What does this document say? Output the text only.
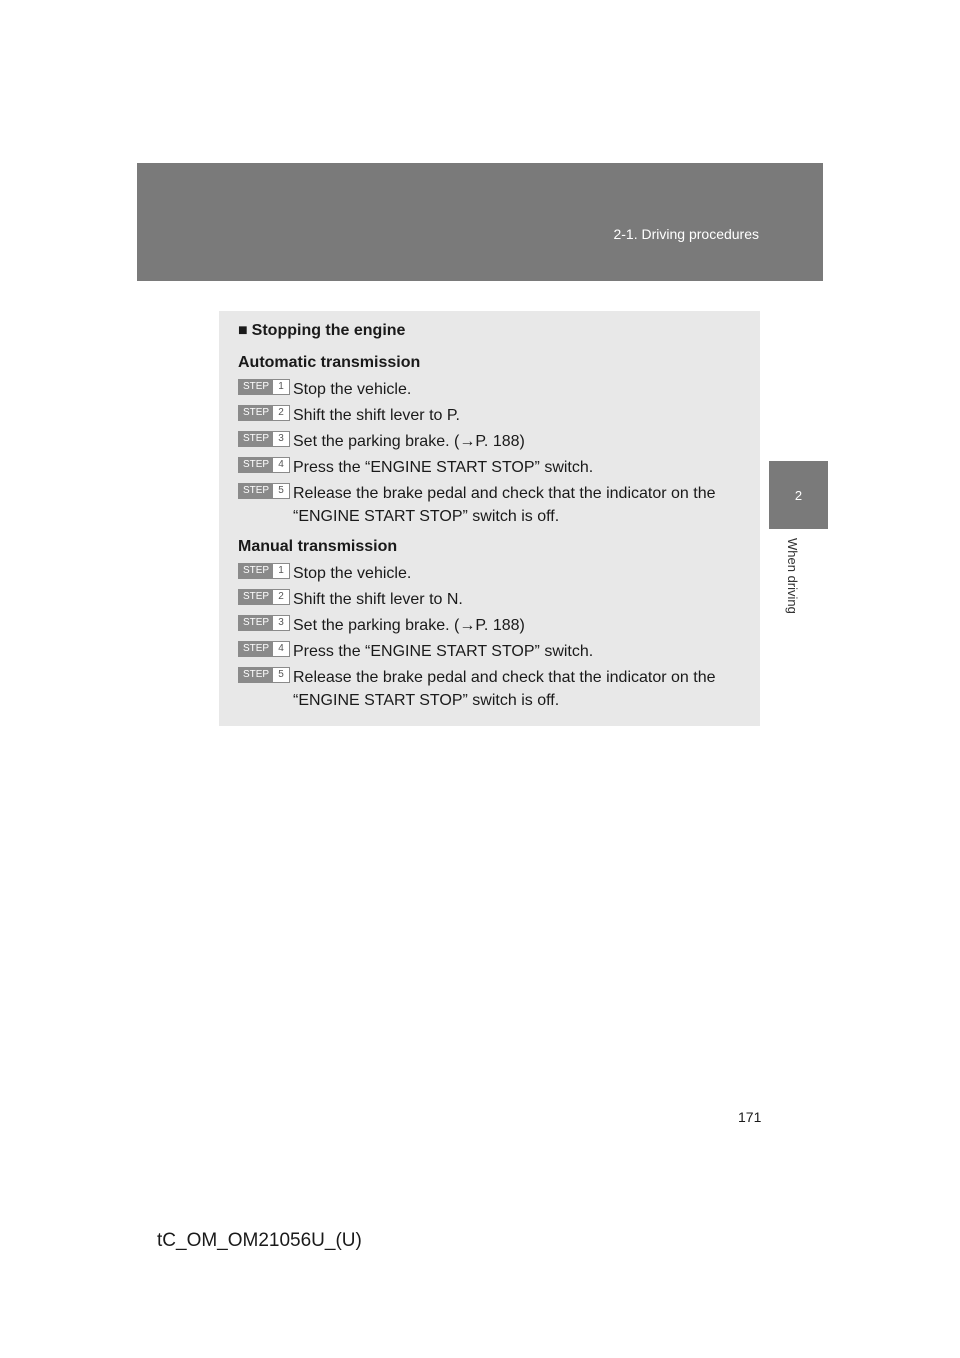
2-1. Driving procedures
2
When driving
■ Stopping the engine
Automatic transmission
STEP 1 Stop the vehicle.
STEP 2 Shift the shift lever to P.
STEP 3 Set the parking brake. (→P. 188)
STEP 4 Press the “ENGINE START STOP” switch.
STEP 5 Release the brake pedal and check that the indicator on the “ENGINE START STOP” switch is off.
Manual transmission
STEP 1 Stop the vehicle.
STEP 2 Shift the shift lever to N.
STEP 3 Set the parking brake. (→P. 188)
STEP 4 Press the “ENGINE START STOP” switch.
STEP 5 Release the brake pedal and check that the indicator on the “ENGINE START STOP” switch is off.
171
tC_OM_OM21056U_(U)
